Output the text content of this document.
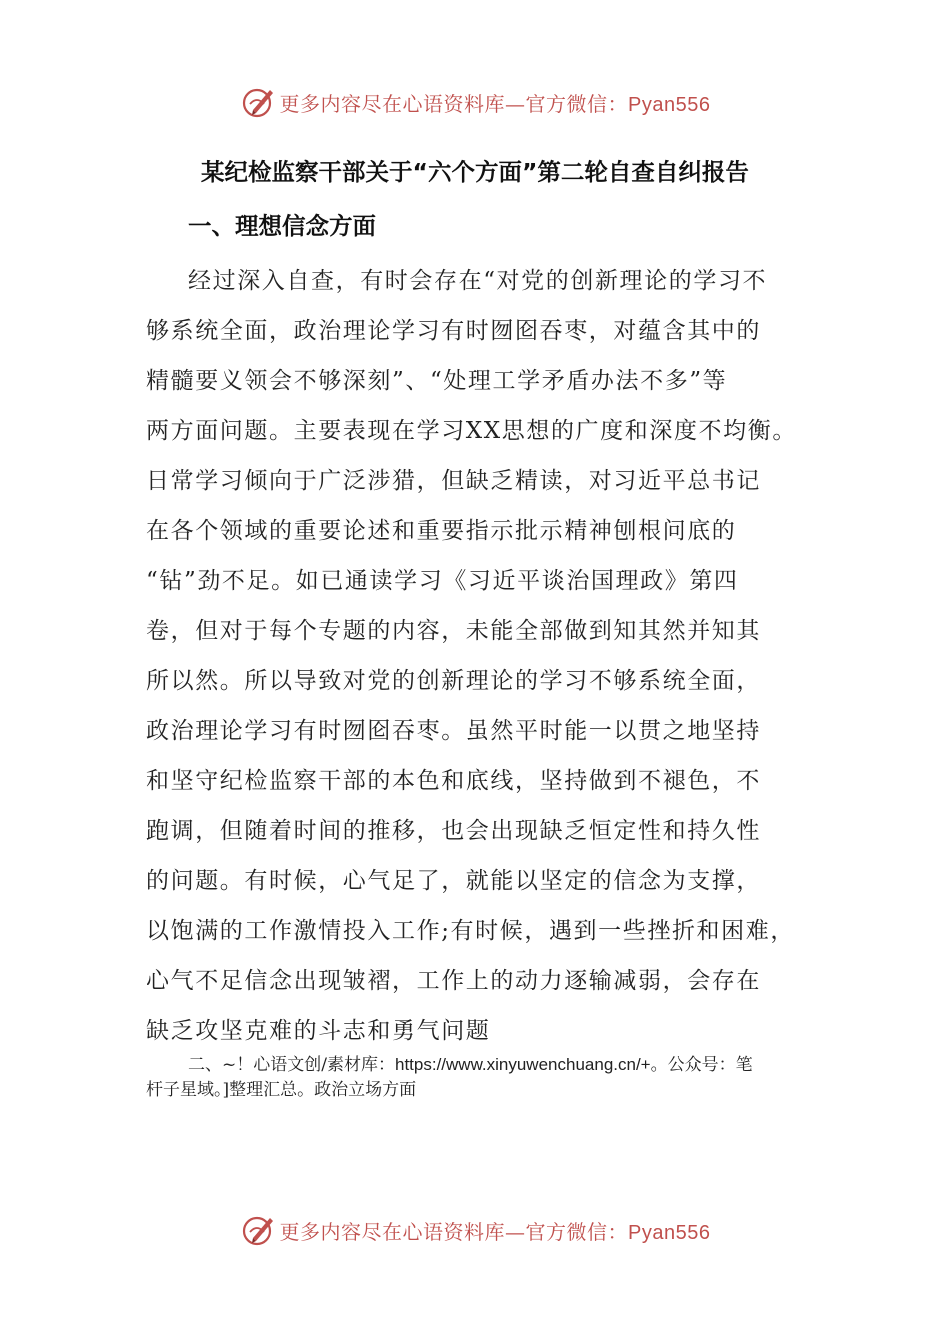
更多内容尽在心语资料库—官方微信：Pyan556
某纪检监察干部关于“六个方面”第二轮自查自纠报告
一、理想信念方面
经过深入自查，有时会存在“对党的创新理论的学习不
够系统全面，政治理论学习有时囫囵吞枣，对蕴含其中的
精髓要义领会不够深刻”、“处理工学矛盾办法不多”等
两方面问题。主要表现在学习XX思想的广度和深度不均衡。
日常学习倾向于广泛涉猎，但缺乏精读，对习近平总书记
在各个领域的重要论述和重要指示批示精神刨根问底的
“钻”劲不足。如已通读学习《习近平谈治国理政》第四
卷，但对于每个专题的内容，未能全部做到知其然并知其
所以然。所以导致对党的创新理论的学习不够系统全面，
政治理论学习有时囫囵吞枣。虽然平时能一以贯之地坚持
和坚守纪检监察干部的本色和底线，坚持做到不褪色，不
跑调，但随着时间的推移，也会出现缺乏恒定性和持久性
的问题。有时候，心气足了，就能以坚定的信念为支撑，
以饱满的工作激情投入工作;有时候，遇到一些挫折和困难，
心气不足信念出现皱褶，工作上的动力逐输减弱，会存在
缺乏攻坚克难的斗志和勇气问题
二、~！心语文创/素材库：https://www.xinyuwenchuang.cn/+。公众号：笔
杆子星域。]整理汇总。政治立场方面
更多内容尽在心语资料库—官方微信：Pyan556
